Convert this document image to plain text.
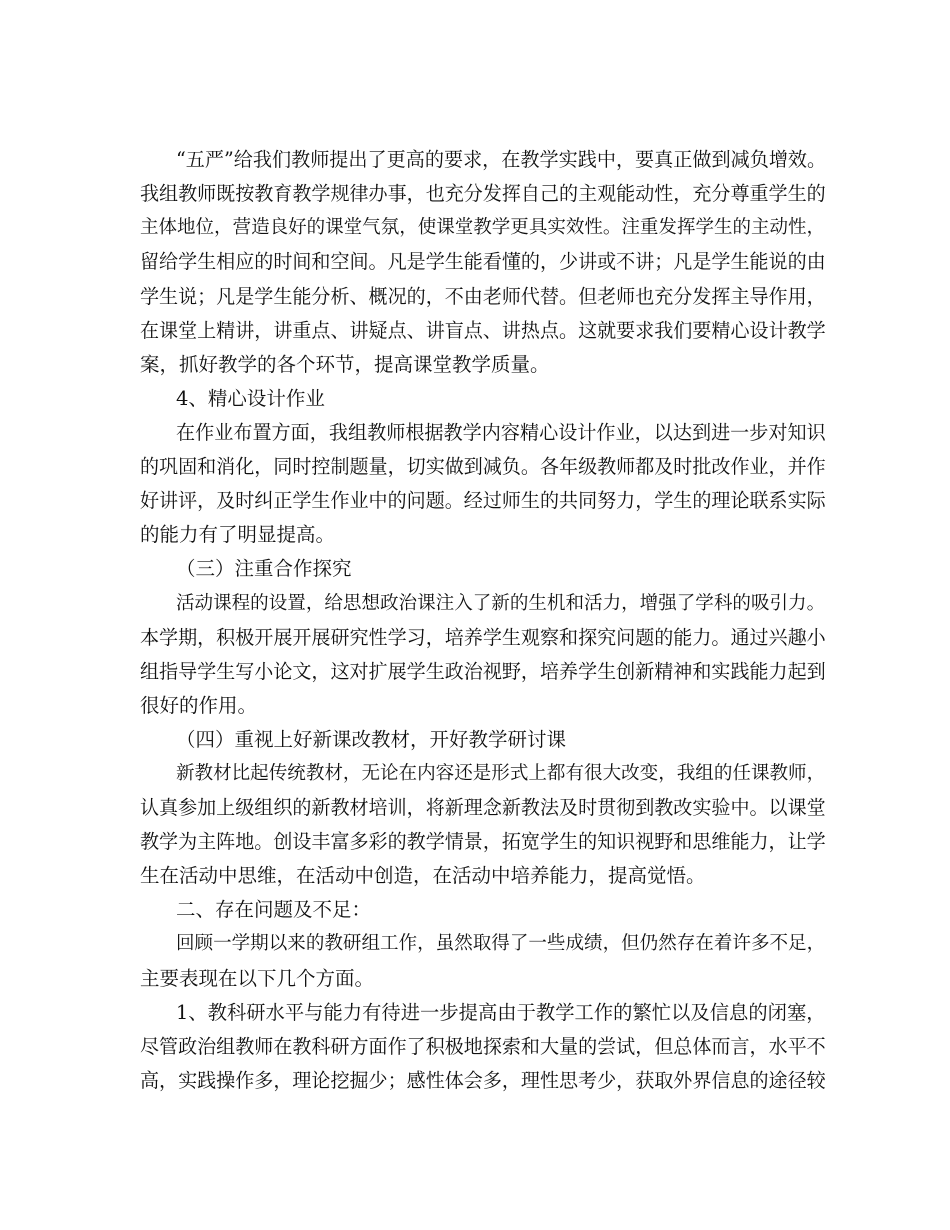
“五严”给我们教师提出了更高的要求，在教学实践中，要真正做到减负增效。
我组教师既按教育教学规律办事，也充分发挥自己的主观能动性，充分尊重学生的
主体地位，营造良好的课堂气氛，使课堂教学更具实效性。注重发挥学生的主动性，
留给学生相应的时间和空间。凡是学生能看懂的，少讲或不讲；凡是学生能说的由
学生说；凡是学生能分析、概况的，不由老师代替。但老师也充分发挥主导作用，
在课堂上精讲，讲重点、讲疑点、讲盲点、讲热点。这就要求我们要精心设计教学
案，抓好教学的各个环节，提高课堂教学质量。
4、精心设计作业
在作业布置方面，我组教师根据教学内容精心设计作业，以达到进一步对知识
的巩固和消化，同时控制题量，切实做到减负。各年级教师都及时批改作业，并作
好讲评，及时纠正学生作业中的问题。经过师生的共同努力，学生的理论联系实际
的能力有了明显提高。
（三）注重合作探究
活动课程的设置，给思想政治课注入了新的生机和活力，增强了学科的吸引力。
本学期，积极开展开展研究性学习，培养学生观察和探究问题的能力。通过兴趣小
组指导学生写小论文，这对扩展学生政治视野，培养学生创新精神和实践能力起到
很好的作用。
（四）重视上好新课改教材，开好教学研讨课
新教材比起传统教材，无论在内容还是形式上都有很大改变，我组的任课教师，
认真参加上级组织的新教材培训，将新理念新教法及时贯彻到教改实验中。以课堂
教学为主阵地。创设丰富多彩的教学情景，拓宽学生的知识视野和思维能力，让学
生在活动中思维，在活动中创造，在活动中培养能力，提高觉悟。
二、存在问题及不足：
回顾一学期以来的教研组工作，虽然取得了一些成绩，但仍然存在着许多不足，
主要表现在以下几个方面。
1、教科研水平与能力有待进一步提高由于教学工作的繁忙以及信息的闭塞，
尽管政治组教师在教科研方面作了积极地探索和大量的尝试，但总体而言，水平不
高，实践操作多，理论挖掘少；感性体会多，理性思考少，获取外界信息的途径较
